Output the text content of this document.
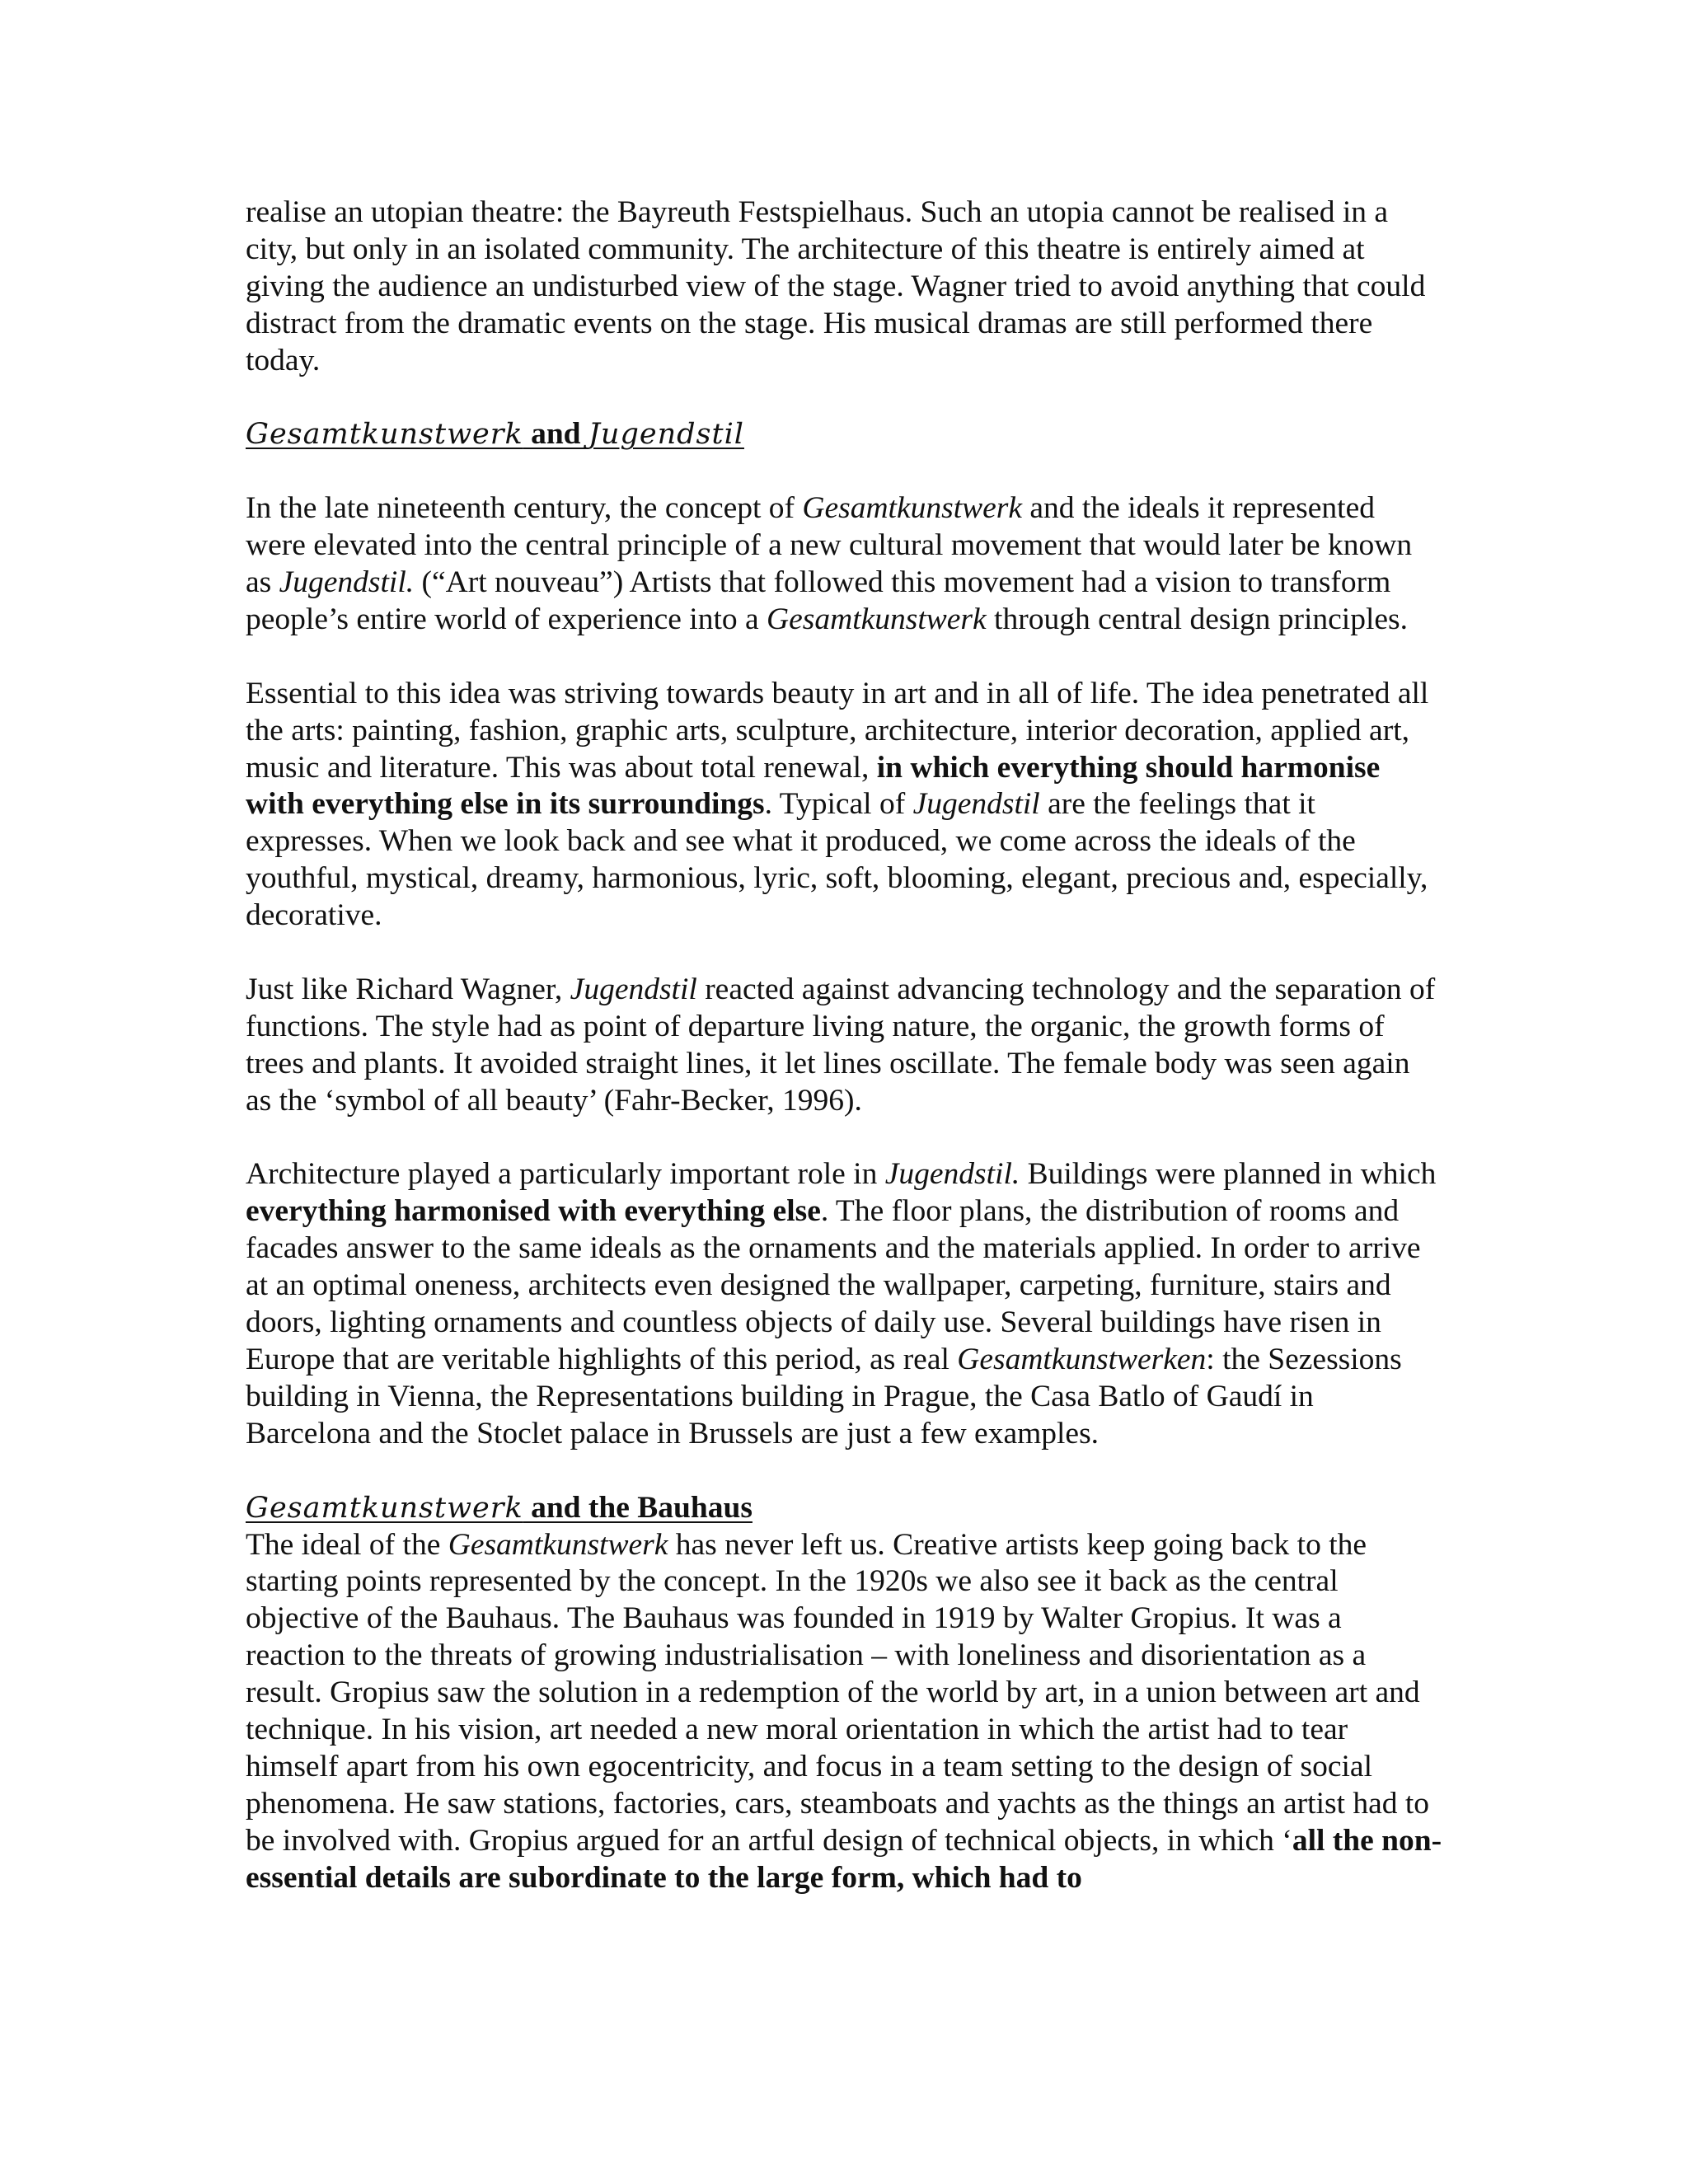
realise an utopian theatre: the Bayreuth Festspielhaus. Such an utopia cannot be realised in a city, but only in an isolated community. The architecture of this theatre is entirely aimed at giving the audience an undisturbed view of the stage. Wagner tried to avoid anything that could distract from the dramatic events on the stage. His musical dramas are still performed there today.

Gesamtkunstwerk and Jugendstil

In the late nineteenth century, the concept of Gesamtkunstwerk and the ideals it represented were elevated into the central principle of a new cultural movement that would later be known as Jugendstil. (“Art nouveau”) Artists that followed this movement had a vision to transform people’s entire world of experience into a Gesamtkunstwerk through central design principles.

Essential to this idea was striving towards beauty in art and in all of life. The idea penetrated all the arts: painting, fashion, graphic arts, sculpture, architecture, interior decoration, applied art, music and literature. This was about total renewal, in which everything should harmonise with everything else in its surroundings. Typical of Jugendstil are the feelings that it expresses. When we look back and see what it produced, we come across the ideals of the youthful, mystical, dreamy, harmonious, lyric, soft, blooming, elegant, precious and, especially, decorative.

Just like Richard Wagner, Jugendstil reacted against advancing technology and the separation of functions. The style had as point of departure living nature, the organic, the growth forms of trees and plants. It avoided straight lines, it let lines oscillate. The female body was seen again as the ‘symbol of all beauty’ (Fahr-Becker, 1996).

Architecture played a particularly important role in Jugendstil. Buildings were planned in which everything harmonised with everything else. The floor plans, the distribution of rooms and facades answer to the same ideals as the ornaments and the materials applied. In order to arrive at an optimal oneness, architects even designed the wallpaper, carpeting, furniture, stairs and doors, lighting ornaments and countless objects of daily use. Several buildings have risen in Europe that are veritable highlights of this period, as real Gesamtkunstwerken: the Sezessions building in Vienna, the Representations building in Prague, the Casa Batlo of Gaudí in Barcelona and the Stoclet palace in Brussels are just a few examples.

Gesamtkunstwerk and the Bauhaus

The ideal of the Gesamtkunstwerk has never left us. Creative artists keep going back to the starting points represented by the concept. In the 1920s we also see it back as the central objective of the Bauhaus. The Bauhaus was founded in 1919 by Walter Gropius. It was a reaction to the threats of growing industrialisation – with loneliness and disorientation as a result. Gropius saw the solution in a redemption of the world by art, in a union between art and technique. In his vision, art needed a new moral orientation in which the artist had to tear himself apart from his own egocentricity, and focus in a team setting to the design of social phenomena. He saw stations, factories, cars, steamboats and yachts as the things an artist had to be involved with. Gropius argued for an artful design of technical objects, in which ‘all the non-essential details are subordinate to the large form, which had to
